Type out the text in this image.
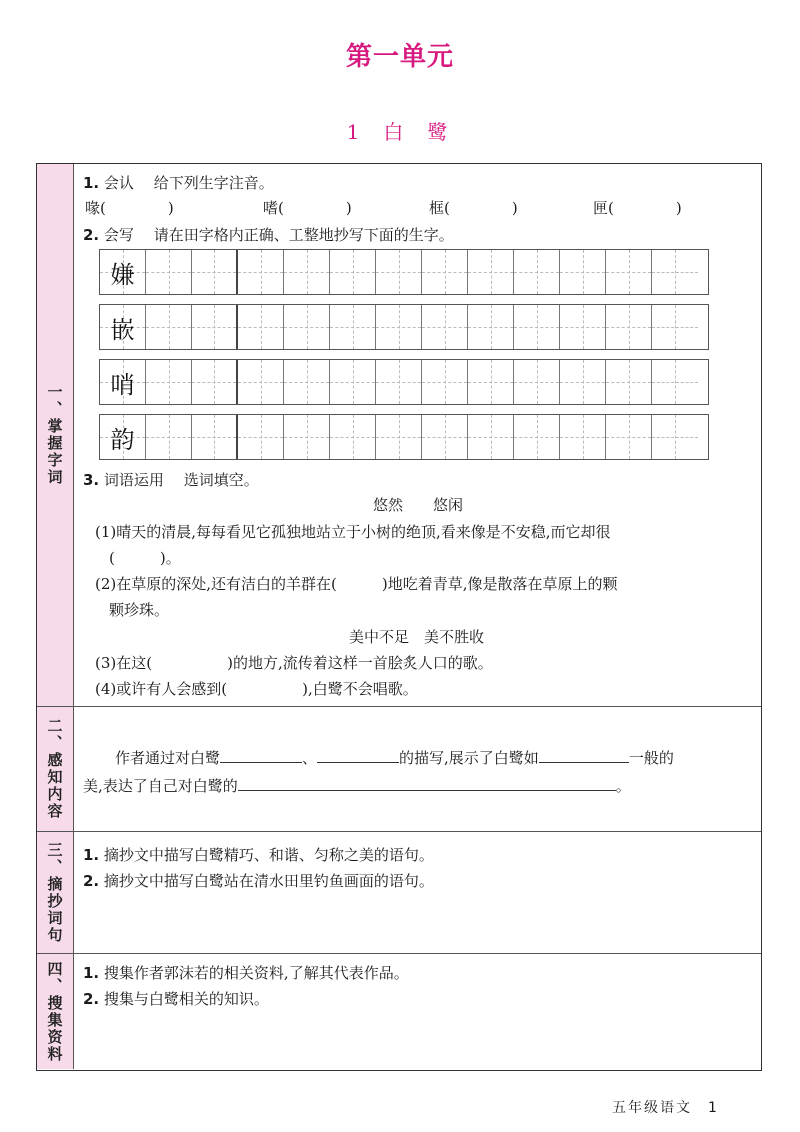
第一单元
1 白 鹭
一、掌握字词
1. 会认　 给下列生字注音。
喙(	)	嗜(	)	框(	)	匣(	)
2. 会写　 请在田字格内正确、工整地抄写下面的生字。
嫌
嵌
哨
韵
3. 词语运用　 选词填空。
悠然　　悠闲
(1)晴天的清晨,每每看见它孤独地站立于小树的绝顶,看来像是不安稳,而它却很
(　　　)。
(2)在草原的深处,还有洁白的羊群在(　　　)地吃着青草,像是散落在草原上的颗
颗珍珠。
美中不足　美不胜收
(3)在这(　　　　　)的地方,流传着这样一首脍炙人口的歌。
(4)或许有人会感到(　　　　　),白鹭不会唱歌。
二、感知内容	作者通过对白鹭	、	的描写,展示了白鹭如	一般的
美,表达了自己对白鹭的	。
三、摘抄词句 1. 摘抄文中描写白鹭精巧、和谐、匀称之美的语句。
2. 摘抄文中描写白鹭站在清水田里钓鱼画面的语句。
四、搜集资料 1. 搜集作者郭沫若的相关资料,了解其代表作品。
2. 搜集与白鹭相关的知识。
五年级语文　 1
